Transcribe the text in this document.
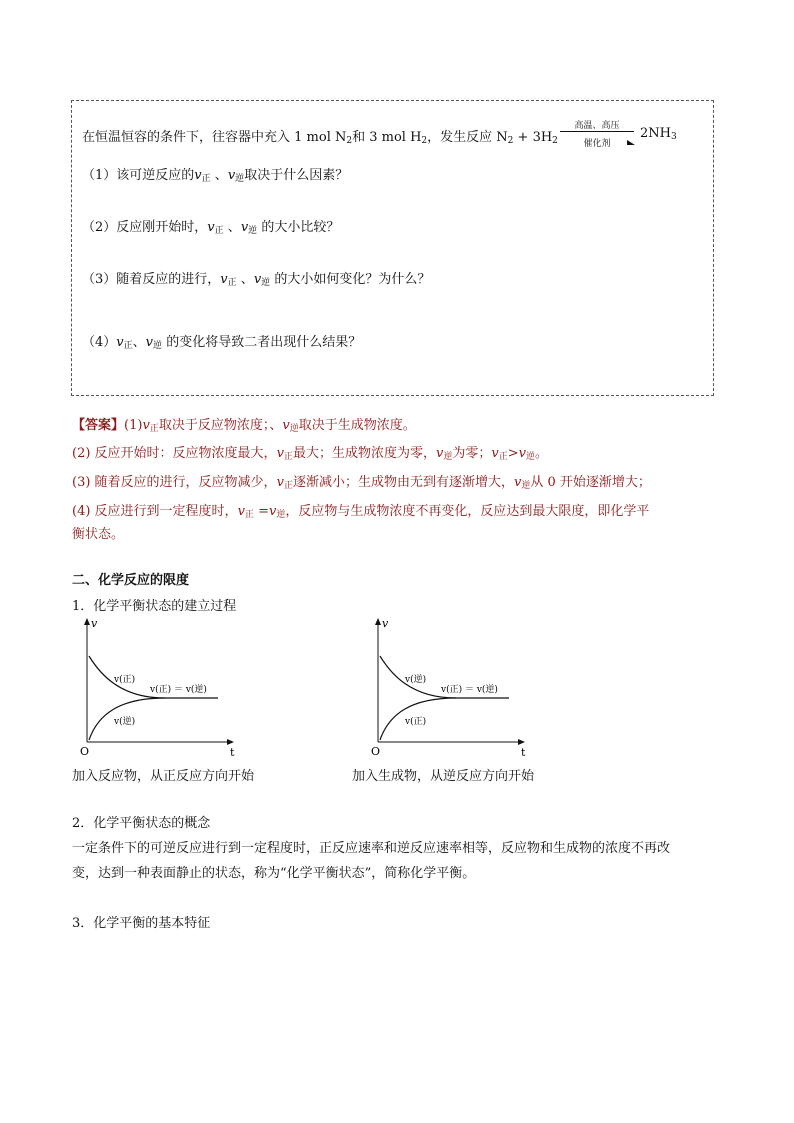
在恒温恒容的条件下，往容器中充入 1 mol $N_2$和 3 mol $H_2$，发生反应 $N_2 + 3H_2$
高温、高压
催化剂
$2NH_3$
（1）该可逆反应的$v_正$ 、$v_逆$取决于什么因素？
（2）反应刚开始时，$v_正$ 、$v_逆$ 的大小比较？
（3）随着反应的进行，$v_正$ 、$v_逆$ 的大小如何变化？为什么？
$(4)v_正$、$v_逆$ 的变化将导致二者出现什么结果？
【答案】$(1)v_正$取决于反应物浓度；、$v_逆$取决于生成物浓度。
(2) 反应开始时：反应物浓度最大，$v_正$最大；生成物浓度为零，$v_逆$为零；$v_正>v_逆$。
(3) 随着反应的进行，反应物减少，$v_正$逐渐减小；生成物由无到有逐渐增大，$v_逆$从 0 开始逐渐增大；
(4) 反应进行到一定程度时，$v_正 =v_逆$，反应物与生成物浓度不再变化，反应达到最大限度，即化学平
衡状态。
二、化学反应的限度
1．化学平衡状态的建立过程
v
t
O
v(正)
v(正) ＝ v(逆)
v(逆)
加入反应物，从正反应方向开始
v
t
O
v(逆)
v(正) ＝ v(逆)
v(正)
加入生成物，从逆反应方向开始
2．化学平衡状态的概念
一定条件下的可逆反应进行到一定程度时，正反应速率和逆反应速率相等，反应物和生成物的浓度不再改
变，达到一种表面静止的状态，称为“化学平衡状态”，简称化学平衡。
3．化学平衡的基本特征
